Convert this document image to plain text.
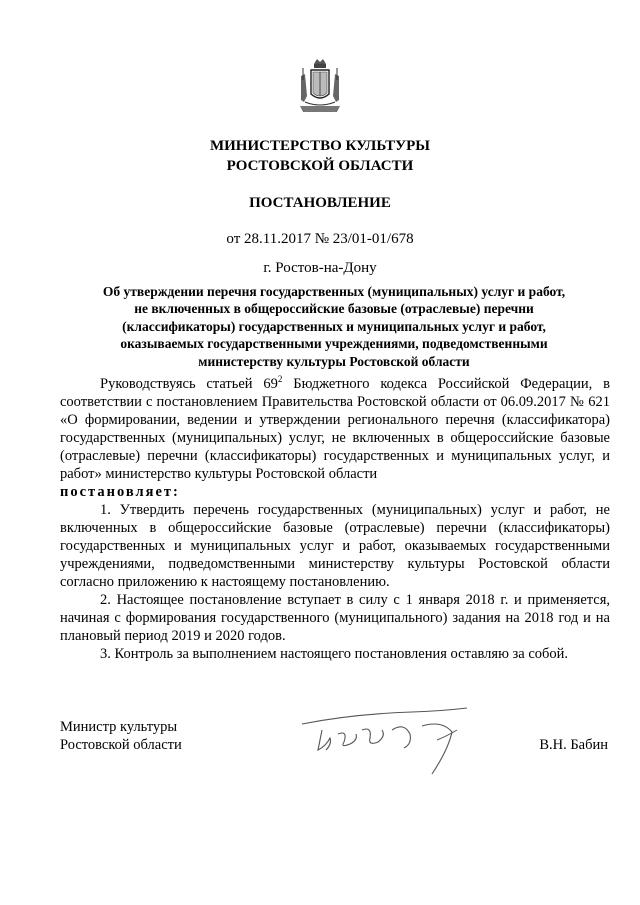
МИНИСТЕРСТВО КУЛЬТУРЫ
РОСТОВСКОЙ ОБЛАСТИ
ПОСТАНОВЛЕНИЕ
от 28.11.2017 № 23/01-01/678
г. Ростов-на-Дону
Об утверждении перечня государственных (муниципальных) услуг и работ,
не включенных в общероссийские базовые (отраслевые) перечни
(классификаторы) государственных и муниципальных услуг и работ,
оказываемых государственными учреждениями, подведомственными
министерству культуры Ростовской области

Руководствуясь статьей $69^2$ Бюджетного кодекса Российской Федерации, в соответствии с постановлением Правительства Ростовской области от 06.09.2017 № 621 «О формировании, ведении и утверждении регионального перечня (классификатора) государственных (муниципальных) услуг, не включенных в общероссийские базовые (отраслевые) перечни (классификаторы) государственных и муниципальных услуг, и работ» министерство культуры Ростовской области

постановляет:

1. Утвердить перечень государственных (муниципальных) услуг и работ, не включенных в общероссийские базовые (отраслевые) перечни (классификаторы) государственных и муниципальных услуг и работ, оказываемых государственными учреждениями, подведомственными министерству культуры Ростовской области согласно приложению к настоящему постановлению.

2. Настоящее постановление вступает в силу с 1 января 2018 г. и применяется, начиная с формирования государственного (муниципального) задания на 2018 год и на плановый период 2019 и 2020 годов.

3. Контроль за выполнением настоящего постановления оставляю за собой.

Министр культуры
Ростовской области	В.Н. Бабин
